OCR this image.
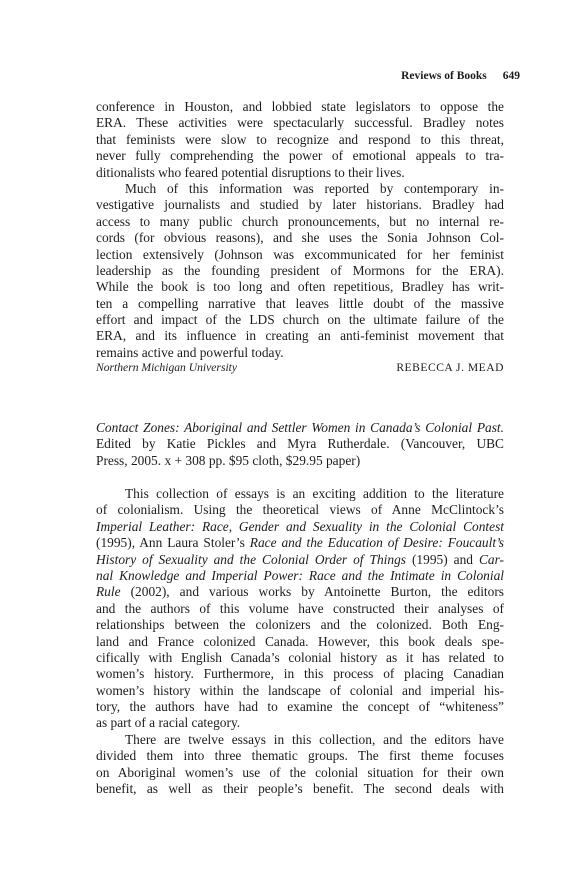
Reviews of Books 649
conference in Houston, and lobbied state legislators to oppose the
ERA. These activities were spectacularly successful. Bradley notes
that feminists were slow to recognize and respond to this threat,
never fully comprehending the power of emotional appeals to tra-
ditionalists who feared potential disruptions to their lives.
Much of this information was reported by contemporary in-
vestigative journalists and studied by later historians. Bradley had
access to many public church pronouncements, but no internal re-
cords (for obvious reasons), and she uses the Sonia Johnson Col-
lection extensively (Johnson was excommunicated for her feminist
leadership as the founding president of Mormons for the ERA).
While the book is too long and often repetitious, Bradley has writ-
ten a compelling narrative that leaves little doubt of the massive
effort and impact of the LDS church on the ultimate failure of the
ERA, and its influence in creating an anti-feminist movement that
remains active and powerful today.
Northern Michigan University	REBECCA J. MEAD
Contact Zones: Aboriginal and Settler Women in Canada’s Colonial Past.
Edited by Katie Pickles and Myra Rutherdale. (Vancouver, UBC
Press, 2005. x + 308 pp. $95 cloth, $29.95 paper)
This collection of essays is an exciting addition to the literature
of colonialism. Using the theoretical views of Anne McClintock’s
Imperial Leather: Race, Gender and Sexuality in the Colonial Contest
(1995), Ann Laura Stoler’s Race and the Education of Desire: Foucault’s
History of Sexuality and the Colonial Order of Things (1995) and Car-
nal Knowledge and Imperial Power: Race and the Intimate in Colonial
Rule (2002), and various works by Antoinette Burton, the editors
and the authors of this volume have constructed their analyses of
relationships between the colonizers and the colonized. Both Eng-
land and France colonized Canada. However, this book deals spe-
cifically with English Canada’s colonial history as it has related to
women’s history. Furthermore, in this process of placing Canadian
women’s history within the landscape of colonial and imperial his-
tory, the authors have had to examine the concept of “whiteness”
as part of a racial category.
There are twelve essays in this collection, and the editors have
divided them into three thematic groups. The first theme focuses
on Aboriginal women’s use of the colonial situation for their own
benefit, as well as their people’s benefit. The second deals with
